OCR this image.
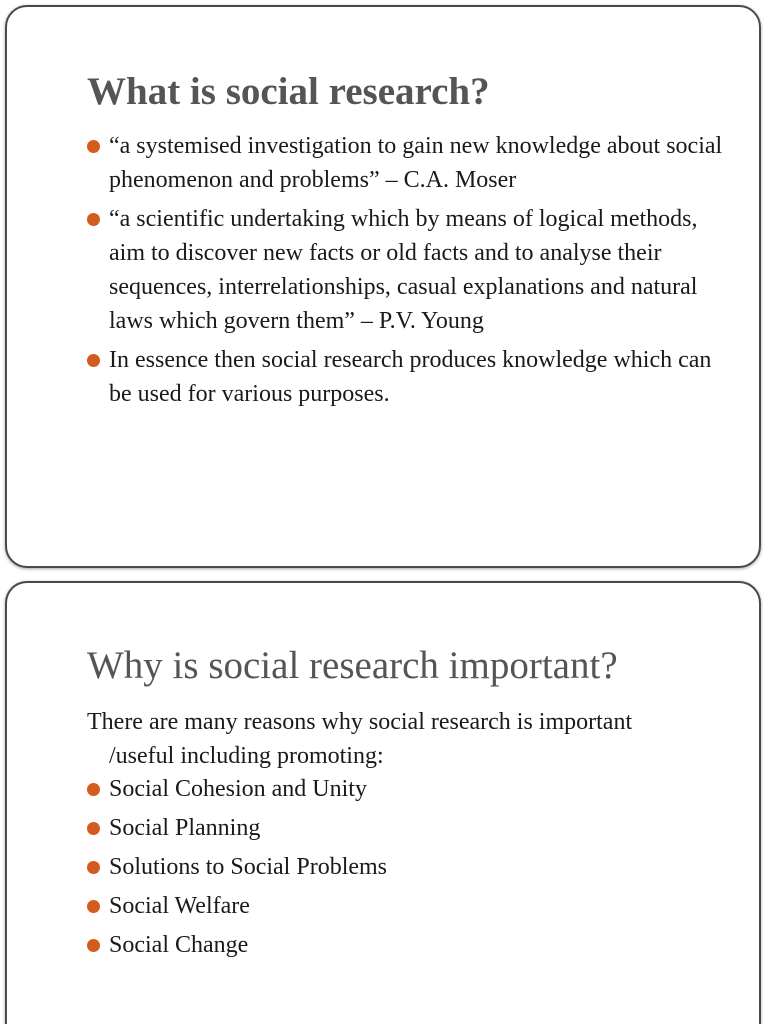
What is social research?
“a systemised investigation to gain new knowledge about social phenomenon and problems” – C.A. Moser
“a scientific undertaking which by means of logical methods, aim to discover new facts or old facts and to analyse their sequences, interrelationships, casual explanations and natural laws which govern them” – P.V. Young
In essence then social research produces knowledge which can be used for various purposes.
Why is social research important?

There are many reasons why social research is important /useful including promoting:

Social Cohesion and Unity
Social Planning
Solutions to Social Problems
Social Welfare
Social Change
